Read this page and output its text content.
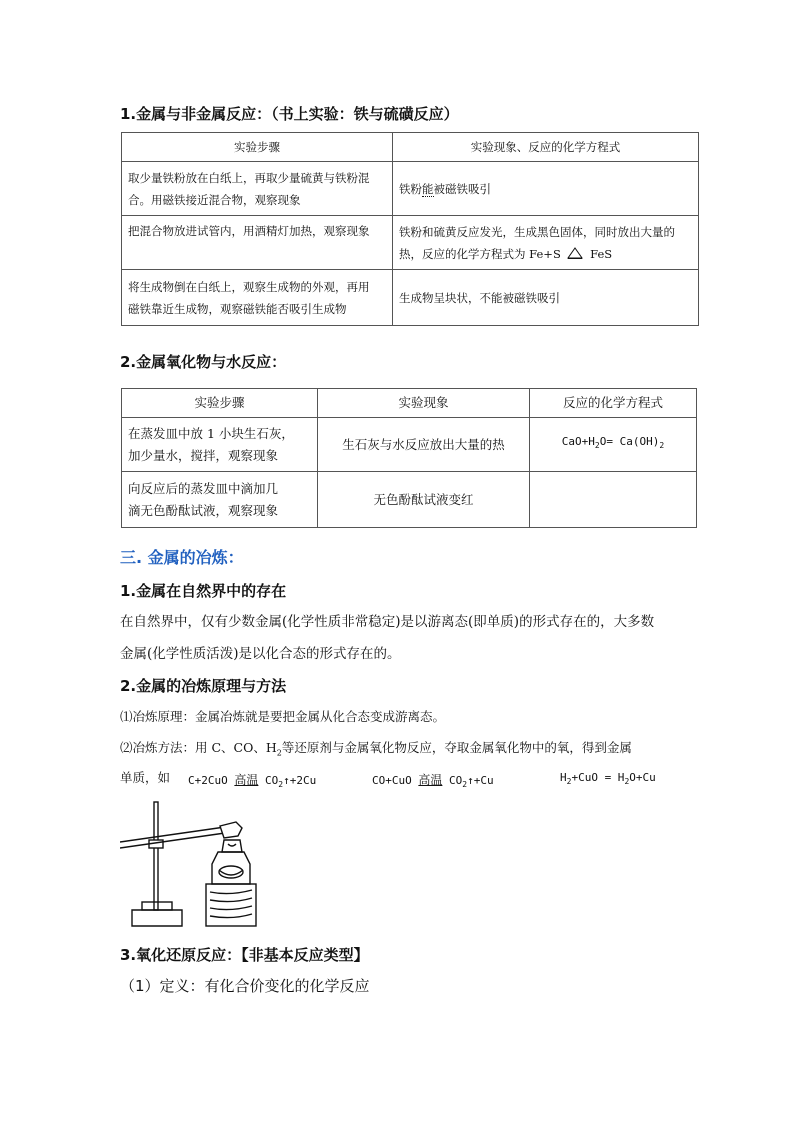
1.金属与非金属反应：（书上实验：铁与硫磺反应）
实验步骤	实验现象、反应的化学方程式

取少量铁粉放在白纸上，再取少量硫黄与铁粉混
合。用磁铁接近混合物，观察现象	铁粉能被磁铁吸引

把混合物放进试管内，用酒精灯加热，观察现象	铁粉和硫黄反应发光，生成黑色固体，同时放出大量的
热，反应的化学方程式为 Fe+S FeS

将生成物倒在白纸上，观察生成物的外观，再用
磁铁靠近生成物，观察磁铁能否吸引生成物	生成物呈块状，不能被磁铁吸引
2.金属氧化物与水反应：
实验步骤	实验现象	反应的化学方程式

在蒸发皿中放 1 小块生石灰，
加少量水，搅拌，观察现象	生石灰与水反应放出大量的热	$CaO+H_2O= Ca(OH)_2$

向反应后的蒸发皿中滴加几
滴无色酚酞试液，观察现象	无色酚酞试液变红	
三. 金属的冶炼：
1.金属在自然界中的存在
在自然界中，仅有少数金属(化学性质非常稳定)是以游离态(即单质)的形式存在的，大多数
金属(化学性质活泼)是以化合态的形式存在的。
2.金属的冶炼原理与方法
⑴冶炼原理：金属冶炼就是要把金属从化合态变成游离态。
⑵冶炼方法：用 C、CO、$H_2$等还原剂与金属氧化物反应，夺取金属氧化物中的氧，得到金属
单质，如 C+2CuO 高温 $CO_2↑+2Cu$	CO+CuO 高温 $CO_2↑+Cu$	$H_2+CuO = H_2O+Cu$
3.氧化还原反应：【非基本反应类型】
（1）定义：有化合价变化的化学反应
